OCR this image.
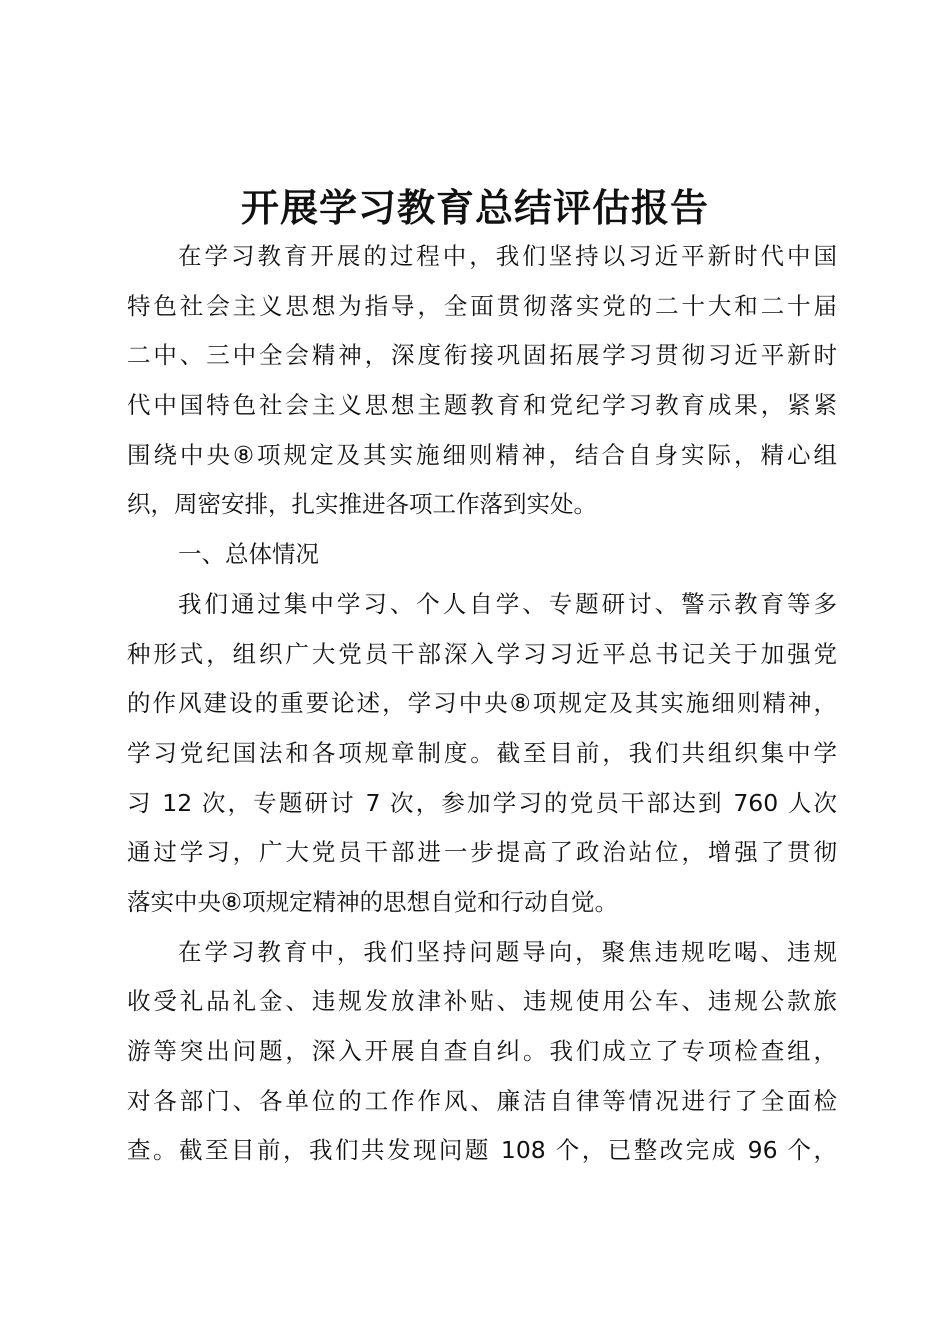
开展学习教育总结评估报告
在学习教育开展的过程中，我们坚持以习近平新时代中国
特色社会主义思想为指导，全面贯彻落实党的二十大和二十届
二中、三中全会精神，深度衔接巩固拓展学习贯彻习近平新时
代中国特色社会主义思想主题教育和党纪学习教育成果，紧紧
围绕中央⑧项规定及其实施细则精神，结合自身实际，精心组
织，周密安排，扎实推进各项工作落到实处。
一、总体情况
我们通过集中学习、个人自学、专题研讨、警示教育等多
种形式，组织广大党员干部深入学习习近平总书记关于加强党
的作风建设的重要论述，学习中央⑧项规定及其实施细则精神，
学习党纪国法和各项规章制度。截至目前，我们共组织集中学
习 12 次，专题研讨 7 次，参加学习的党员干部达到 760 人次
通过学习，广大党员干部进一步提高了政治站位，增强了贯彻
落实中央⑧项规定精神的思想自觉和行动自觉。
在学习教育中，我们坚持问题导向，聚焦违规吃喝、违规
收受礼品礼金、违规发放津补贴、违规使用公车、违规公款旅
游等突出问题，深入开展自查自纠。我们成立了专项检查组，
对各部门、各单位的工作作风、廉洁自律等情况进行了全面检
查。截至目前，我们共发现问题 108 个，已整改完成 96 个，
